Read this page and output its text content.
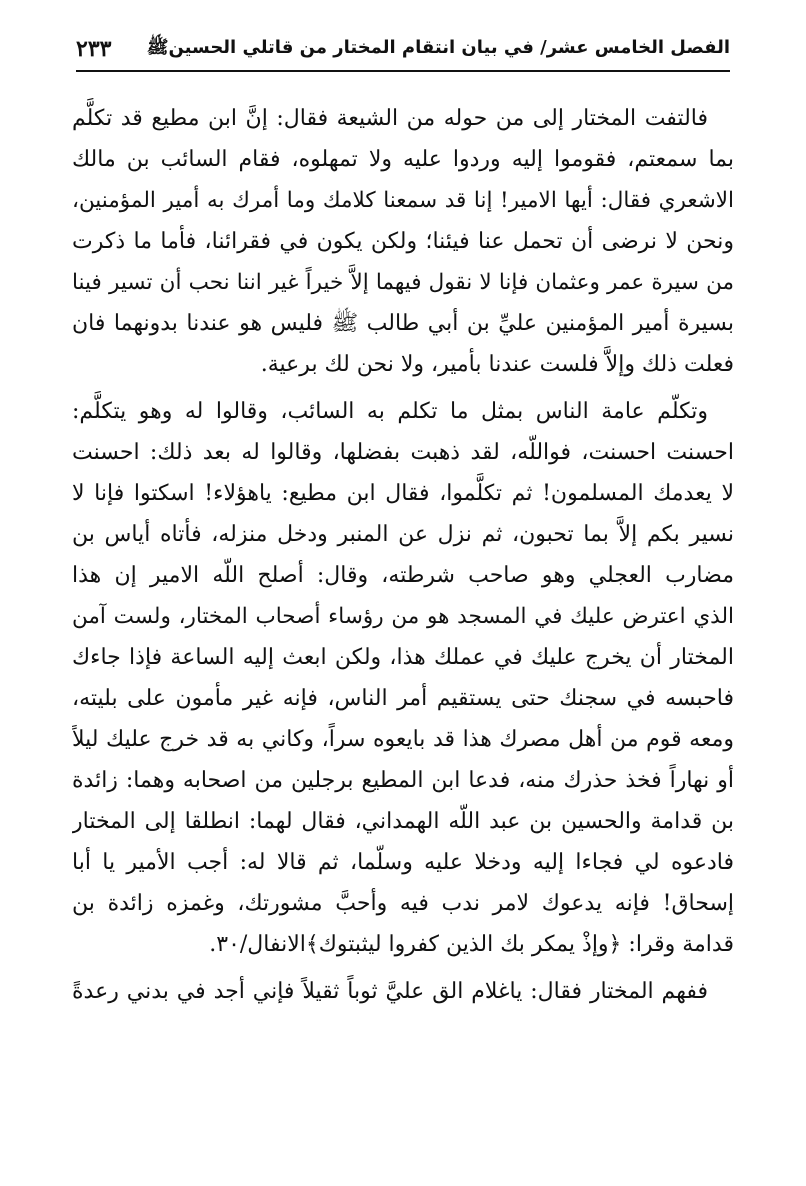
الفصل الخامس عشر/ في بيان انتقام المختار من قاتلي الحسينﷺ
٢٣٣
فالتفت المختار إلى من حوله من الشيعة فقال: إنَّ ابن مطيع قد تكلَّم
بما سمعتم، فقوموا إليه وردوا عليه ولا تمهلوه، فقام السائب بن مالك
الاشعري فقال: أيها الامير! إنا قد سمعنا كلامك وما أمرك به أمير المؤمنين،
ونحن لا نرضى أن تحمل عنا فيئنا؛ ولكن يكون في فقرائنا، فأما ما ذكرت
من سيرة عمر وعثمان فإنا لا نقول فيهما إلاَّ خيراً غير اننا نحب أن تسير فينا
بسيرة أمير المؤمنين عليِّ بن أبي طالب ﷺ فليس هو عندنا بدونهما فان
فعلت ذلك وإلاَّ فلست عندنا بأمير، ولا نحن لك برعية.
وتكلّم عامة الناس بمثل ما تكلم به السائب، وقالوا له وهو يتكلَّم:
احسنت احسنت، فواللّه، لقد ذهبت بفضلها، وقالوا له بعد ذلك: احسنت
لا يعدمك المسلمون! ثم تكلَّموا، فقال ابن مطيع: ياهؤلاء! اسكتوا فإنا لا
نسير بكم إلاَّ بما تحبون، ثم نزل عن المنبر ودخل منزله، فأتاه أياس بن
مضارب العجلي وهو صاحب شرطته، وقال: أصلح اللّه الامير إن هذا
الذي اعترض عليك في المسجد هو من رؤساء أصحاب المختار، ولست آمن
المختار أن يخرج عليك في عملك هذا، ولكن ابعث إليه الساعة فإذا جاءك
فاحبسه في سجنك حتى يستقيم أمر الناس، فإنه غير مأمون على بليته،
ومعه قوم من أهل مصرك هذا قد بايعوه سراً، وكاني به قد خرج عليك ليلاً
أو نهاراً فخذ حذرك منه، فدعا ابن المطيع برجلين من اصحابه وهما: زائدة
بن قدامة والحسين بن عبد اللّه الهمداني، فقال لهما: انطلقا إلى المختار
فادعوه لي فجاءا إليه ودخلا عليه وسلّما، ثم قالا له: أجب الأمير يا أبا
إسحاق! فإنه يدعوك لامر ندب فيه وأحبَّ مشورتك، وغمزه زائدة بن
قدامة وقرا: ﴿وإذْ يمكر بك الذين كفروا ليثبتوك﴾الانفال/٣٠.
ففهم المختار فقال: ياغلام الق عليَّ ثوباً ثقيلاً فإني أجد في بدني رعدةً
